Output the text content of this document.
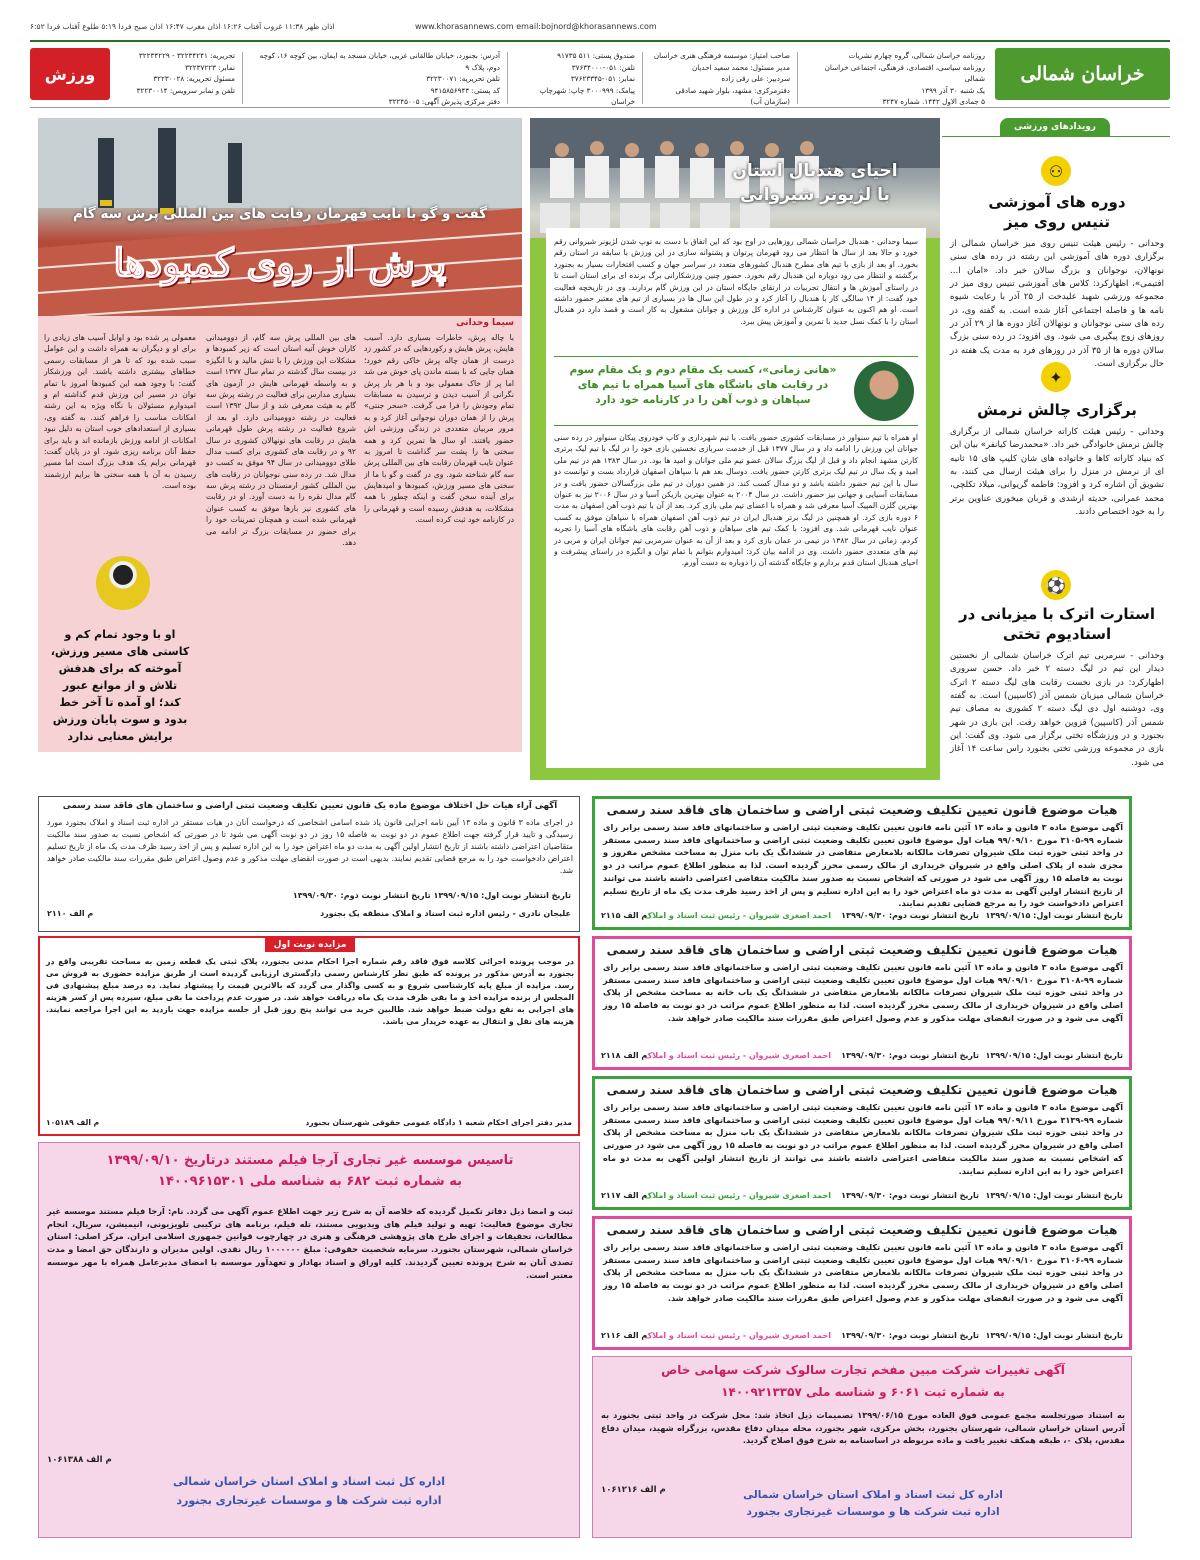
اذان ظهر ۱۱:۳۸ غروب آفتاب ۱۶:۲۶ اذان مغرب ۱۶:۴۷ اذان صبح فردا ۵:۱۹ طلوع آفتاب فردا ۶:۵۲	www.khorasannews.com email:bojnord@khorasannews.com
خراسان شمالی
ورزش
روزنامه خراسان شمالی، گروه چهارم نشریات
روزنامه سیاسی، اقتصادی، فرهنگی، اجتماعی خراسان شمالی
یک شنبه ۳۰ آذر ۱۳۹۹
۵ جمادی الاول ۱۴۴۲. شماره ۳۲۴۷
صاحب امتیاز: موسسه فرهنگی هنری خراسان
مدیر مسئول: محمد سعید احدیان
سردبیر: علی رقی زاده
دفترمرکزی: مشهد، بلوار شهید صادقی (سازمان آب)
صندوق پستی: ۵۱۱ ۹۱۷۳۵
تلفن: ۰۵۱-۳۷۶۳۴۰۰۰
نمابر: ۰۵۱-۳۷۶۲۳۳۴۵
پیامک: ۳۰۰۰۹۹۹ چاپ: شهرچاپ خراسان
آدرس: بجنورد، خیابان طالقانی غربی، خیابان مسجد به ایمان، بین کوچه ۱۶، کوچه دوم، پلاک ۹
تلفن تحریریه: ۳۲۲۳۰۰۷۱
کد پستی: ۹۴۱۵۸۵۶۹۴۴
دفتر مرکزی پذیرش آگهی: ۳۲۲۴۵۰۰۵
تحریریه: ۳۲۲۳۴۲۴۱ - ۳۲۲۳۴۲۲۹
نمابر: ۳۲۲۳۷۲۲۳
مسئول تحریریه: ۳۲۲۳۰۰۲۸
تلفن و نمابر سرویس: ۳۲۲۳۰۰۱۴
رویدادهای ورزشی
⚇
دوره های آموزشی
تنیس روی میز
وحدانی - رئیس هیئت تنیس روی میز خراسان شمالی از برگزاری دوره های آموزشی این رشته در رده های سنی نونهالان، نوجوانان و بزرگ سالان خبر داد. «امان ا... افتیمی»، اظهارکرد: کلاس های آموزشی تنیس روی میز در مجموعه ورزشی شهید علیدخت از ۲۵ آذر با رعایت شیوه نامه ها و فاصله اجتماعی آغاز شده است. به گفته وی، در رده های سنی نوجوانان و نونهالان آغاز دوره ها از ۲۹ آذر در روزهای زوج پیگیری می شود. وی افزود: در رده سنی بزرگ سالان دوره ها از ۳۵ آذر در روزهای فرد به مدت یک هفته در حال برگزاری است.
✦
برگزاری چالش نرمش
وحدانی - رئیس هیئت کاراته خراسان شمالی از برگزاری چالش نرمش خانوادگی خبر داد. «محمدرضا کیانفر» بیان این که بنیاد کاراته کاها و خانواده های شان کلیپ های ۱۵ ثانیه ای از نرمش در منزل را برای هیئت ارسال می کنند، به تشویق آن اشاره کرد و افزود: فاطمه گریوانی، میلاد تکلچی، محمد عمرانی، حدیثه ارشدی و قربان میخوری عناوین برتر را به خود اختصاص دادند.
⚽
استارت اترک با میزبانی در
استادیوم تختی
وحدانی - سرمربی تیم اترک خراسان شمالی از نخستین دیدار این تیم در لیگ دسته ۲ خبر داد. حسن سروری اظهارکرد: در بازی نخست رقابت های لیگ دسته ۲ اترک خراسان شمالی میزبان شمس آذر (کاسپین) است. به گفته وی، دوشنبه اول دی لیگ دسته ۲ کشوری به مصاف تیم شمس آذر (کاسپین) قزوین خواهد رفت. این بازی در شهر بجنورد و در ورزشگاه تختی برگزار می شود. وی گفت: این بازی در مجموعه ورزشی تختی بجنورد راس ساعت ۱۴ آغاز می شود.
احیای هندبال استان
با لژیونر شیروانی
سیما وحدانی - هندبال خراسان شمالی روزهایی در اوج بود که این اتفاق با دست به توپ شدن لژیونر شیروانی رقم خورد و حالا بعد از سال ها انتظار می رود قهرمان پرتوان و پشتوانه سازی در این ورزش با سابقه در استان رقم بخورد. او بعد از بازی با تیم های مطرح هندبال کشورهای متعدد در سراسر جهان و کسب افتخارات بسیار به بجنورد برگشته و انتظار می رود دوباره این هندبال رقم بخورد. حضور چنین ورزشکارانی برگ برنده ای برای استان است تا در راستای آموزش ها و انتقال تجربیات در ارتقای جایگاه استان در این ورزش گام بردارند. وی در تاریخچه فعالیت خود گفت: از ۱۴ سالگی کار با هندبال را آغاز کرد و در طول این سال ها در بسیاری از تیم های معتبر حضور داشته است. او هم اکنون به عنوان کارشناس در اداره کل ورزش و جوانان مشغول به کار است و قصد دارد در هندبال استان را با کمک نسل جدید با تمرین و آموزش پیش ببرد.
«هانی زمانی»، کسب یک مقام دوم و یک مقام سوم
در رقابت های باشگاه های آسیا همراه با تیم های
سپاهان و ذوب آهن را در کارنامه خود دارد
او همراه با تیم سنواور در مسابقات کشوری حضور یافت. با تیم شهرداری و کاپ خودروی پیکان سنواور در رده سنی جوانان این ورزش را ادامه داد و در سال ۱۳۷۷ قبل از خدمت سربازی نخستین بازی خود را در لیگ با تیم لیک برتری کارتن مشهد انجام داد و قبل از لیگ بزرگ سالان عضو تیم ملی جوانان و امید ها بود. در سال ۱۳۸۳ هم در تیم ملی امید و یک سال در تیم لیک برتری کارتن حضور یافت. دوسال بعد هم با سپاهان اصفهان قرارداد بست و توانست دو سال با این تیم حضور داشته باشد و دو مدال کسب کند. در همین دوران در تیم ملی بزرگسالان حضور یافت و در مسابقات آسیایی و جهانی نیز حضور داشت. در سال ۲۰۰۴ به عنوان بهترین بازیکن آسیا و در سال ۲۰۰۶ نیز به عنوان بهترین گلزن المپیک آسیا معرفی شد و همراه با اعضای تیم ملی بازی کرد. بعد از آن با تیم ذوب آهن اصفهان به مدت ۶ دوره بازی کرد. او همچنین در لیگ برتر هندبال ایران در تیم ذوب آهن اصفهان همراه با سپاهان موفق به کسب عنوان نایب قهرمانی شد. وی افزود: با کمک تیم های سپاهان و ذوب آهن رقابت های باشگاه های آسیا را تجربه کردم. زمانی در سال ۱۳۸۲ در تیمی در عمان بازی کرد و بعد از آن به عنوان سرمربی تیم جوانان ایران و مربی در تیم های متعددی حضور داشت. وی در ادامه بیان کرد: امیدوارم بتوانم با تمام توان و انگیزه در راستای پیشرفت و احیای هندبال استان قدم بردارم و جایگاه گذشته آن را دوباره به دست آورم.
گفت و گو با نایب قهرمان رقابت های بین المللی پرش سه گام
پرش از روی کمبودها
سیما وحدانی
با چاله پرش، خاطرات بسیاری دارد. آسیب هایش، پرش هایش و رکوردهایی که در کشور زد درست از همان چاله پرش خاکی رقم خورد؛ همان جایی که با بسته ماندن پای خوش می شد اما پر از خاک معمولی بود و با هر بار پرش نگرانی از آسیب دیدن و ترسیدن به مسابقات تمام وجودش را فرا می گرفت. «سحر جنتی» پرش را از همان دوران نوجوانی آغاز کرد و به مرور مربیان متعددی در زندگی ورزشی اش حضور یافتند. او سال ها تمرین کرد و همه سختی ها را پشت سر گذاشت تا امروز به عنوان نایب قهرمان رقابت های بین المللی پرش سه گام شناخته شود. وی در گفت و گو با ما از سختی های مسیر ورزش، کمبودها و امیدهایش برای آینده سخن گفت و اینکه چطور با همه مشکلات، به هدفش رسیده است و قهرمانی را در کارنامه خود ثبت کرده است.
های بین المللی پرش سه گام، از دوومیدانی کاران خوش آتیه استان است که زیر کمبودها و مشکلات این ورزش را با تنش مالید و با انگیزه در بیست سال گذشته در تمام سال ۱۳۷۷ است و به واسطه قهرمانی هایش در آزمون های بسیاری مدارس برای فعالیت در رشته پرش سه گام به هیئت معرفی شد و از سال ۱۳۹۲ است فعالیت در رشته دوومیدانی دارد. او بعد از شروع فعالیت در رشته پرش طول قهرمانی هایش در رقابت های نونهالان کشوری در سال ۹۲ و در رقابت های کشوری برای کسب مدال طلای دوومیدانی در سال ۹۴ موفق به کسب دو مدال شد. در رده سنی نوجوانان در رقابت های بین المللی کشور ارمنستان در رشته پرش سه گام مدال نقره را به دست آورد. او در رقابت های کشوری نیز بارها موفق به کسب عنوان قهرمانی شده است و همچنان تمرینات خود را برای حضور در مسابقات بزرگ تر ادامه می دهد.
معمولی پر شده بود و اوایل آسیب های زیادی را برای او و دیگران به همراه داشت و این عوامل سبب شده بود که تا هر از مسابقات رسمی خطاهای بیشتری داشته باشند. این ورزشکار گفت: با وجود همه این کمبودها امروز با تمام توان در مسیر این ورزش قدم گذاشته ام و امیدوارم مسئولان با نگاه ویژه به این رشته امکانات مناسب را فراهم کنند. به گفته وی، بسیاری از استعدادهای خوب استان به دلیل نبود امکانات از ادامه ورزش بازمانده اند و باید برای حفظ آنان برنامه ریزی شود. او در پایان گفت: قهرمانی برایم یک هدف بزرگ است اما مسیر رسیدن به آن با همه سختی ها برایم ارزشمند بوده است.
او با وجود تمام کم و
کاستی های مسیر ورزش،
آموخته که برای هدفش
تلاش و از موانع عبور
کند؛ او آمده تا آخر خط
بدود و سوت پایان ورزش
برایش معنایی ندارد
آگهی آراء هیات حل اختلاف موضوع ماده یک قانون تعیین تکلیف وضعیت ثبتی اراضی و ساختمان های فاقد سند رسمی
در اجرای ماده ۳ قانون و ماده ۱۳ آیین نامه اجرایی قانون یاد شده اسامی اشخاصی که درخواست آنان در هیات مستقر در اداره ثبت اسناد و املاک بجنورد مورد رسیدگی و تایید قرار گرفته جهت اطلاع عموم در دو نوبت به فاصله ۱۵ روز در دو نوبت آگهی می شود تا در صورتی که اشخاص نسبت به صدور سند مالکیت متقاضیان اعتراضی داشته باشند از تاریخ انتشار اولین آگهی به مدت دو ماه اعتراض خود را به این اداره تسلیم و پس از اخذ رسید ظرف مدت یک ماه از تاریخ تسلیم اعتراض دادخواست خود را به مرجع قضایی تقدیم نمایند. بدیهی است در صورت انقضای مهلت مذکور و عدم وصول اعتراض طبق مقررات سند مالکیت صادر خواهد شد.
تاریخ انتشار نوبت اول: ۱۳۹۹/۰۹/۱۵ تاریخ انتشار نوبت دوم: ۱۳۹۹/۰۹/۳۰
علیجان نادری - رئیس اداره ثبت اسناد و املاک منطقه یک بجنورد
م الف ۲۱۱۰
مزایده نوبت اول
در موجب پرونده اجرائی کلاسه فوق فاقد رقم شماره اجرا احکام مدنی بجنورد، پلاک ثبتی یک قطعه زمین به مساحت تقریبی واقع در بجنورد به آدرس مذکور در پرونده که طبق نظر کارشناس رسمی دادگستری ارزیابی گردیده است از طریق مزایده حضوری به فروش می رسد. مزایده از مبلغ پایه کارشناسی شروع و به کسی واگذار می گردد که بالاترین قیمت را پیشنهاد نماید. ده درصد مبلغ پیشنهادی فی المجلس از برنده مزایده اخذ و ما بقی ظرف مدت یک ماه دریافت خواهد شد. در صورت عدم پرداخت ما بقی مبلغ، سپرده پس از کسر هزینه های اجرایی به نفع دولت ضبط خواهد شد. طالبین خرید می توانند پنج روز قبل از جلسه مزایده جهت بازدید به این اجرا مراجعه نمایند. هزینه های نقل و انتقال به عهده خریدار می باشد.
مدیر دفتر اجرای احکام شعبه ۱ دادگاه عمومی حقوقی شهرستان بجنورد
م الف ۱۰۵۱۸۹
تاسیس موسسه غیر تجاری آرجا فیلم مستند درتاریخ ۱۳۹۹/۰۹/۱۰
به شماره ثبت ۶۸۲ به شناسه ملی ۱۴۰۰۹۶۱۵۳۰۱
ثبت و امضا ذیل دفاتر تکمیل گردیده که خلاصه آن به شرح زیر جهت اطلاع عموم آگهی می گردد. نام: آرجا فیلم مستند موسسه غیر تجاری موضوع فعالیت: تهیه و تولید فیلم های ویدیویی مستند، تله فیلم، برنامه های ترکیبی تلویزیونی، انیمیشن، سریال، انجام مطالعات، تحقیقات و اجرای طرح های پژوهشی فرهنگی و هنری در چهارچوب قوانین جمهوری اسلامی ایران. مرکز اصلی: استان خراسان شمالی، شهرستان بجنورد. سرمایه شخصیت حقوقی: مبلغ ۱۰۰۰۰۰۰ ریال نقدی. اولین مدیران و دارندگان حق امضا و مدت تصدی آنان به شرح پرونده تعیین گردیدند. کلیه اوراق و اسناد بهادار و تعهدآور موسسه با امضای مدیرعامل همراه با مهر موسسه معتبر است.
م الف ۱۰۶۱۳۸۸
اداره کل ثبت اسناد و املاک استان خراسان شمالی
اداره ثبت شرکت ها و موسسات غیرتجاری بجنورد
هیات موضوع قانون تعیین تکلیف وضعیت ثبتی اراضی و ساختمان های فاقد سند رسمی
آگهی موضوع ماده ۳ قانون و ماده ۱۳ آئین نامه قانون تعیین تکلیف وضعیت ثبتی اراضی و ساختمانهای فاقد سند رسمی برابر رای شماره ۹۹-۳۱۰۵ مورخ ۹۹/۰۹/۱۰ هیات اول موضوع قانون تعیین تکلیف وضعیت ثبتی اراضی و ساختمانهای فاقد سند رسمی مستقر در واحد ثبتی حوزه ثبت ملک شیروان تصرفات مالکانه بلامعارض متقاضی در ششدانگ یک باب منزل به مساحت مشخص مفروز و مجزی شده از پلاک اصلی واقع در شیروان خریداری از مالک رسمی محرز گردیده است. لذا به منظور اطلاع عموم مراتب در دو نوبت به فاصله ۱۵ روز آگهی می شود در صورتی که اشخاص نسبت به صدور سند مالکیت متقاضی اعتراضی داشته باشند می توانند از تاریخ انتشار اولین آگهی به مدت دو ماه اعتراض خود را به این اداره تسلیم و پس از اخذ رسید ظرف مدت یک ماه از تاریخ تسلیم اعتراض دادخواست خود را به مرجع قضایی تقدیم نمایند.
تاریخ انتشار نوبت اول: ۱۳۹۹/۰۹/۱۵
تاریخ انتشار نوبت دوم: ۱۳۹۹/۰۹/۳۰
احمد اصغری شیروان - رئیس ثبت اسناد و املاک
م الف ۲۱۱۵
هیات موضوع قانون تعیین تکلیف وضعیت ثبتی اراضی و ساختمان های فاقد سند رسمی
آگهی موضوع ماده ۳ قانون و ماده ۱۳ آئین نامه قانون تعیین تکلیف وضعیت ثبتی اراضی و ساختمانهای فاقد سند رسمی برابر رای شماره ۹۹-۳۱۰۸ مورخ ۹۹/۰۹/۱۰ هیات اول موضوع قانون تعیین تکلیف وضعیت ثبتی اراضی و ساختمانهای فاقد سند رسمی مستقر در واحد ثبتی حوزه ثبت ملک شیروان تصرفات مالکانه بلامعارض متقاضی در ششدانگ یک باب خانه به مساحت مشخص از پلاک اصلی واقع در شیروان خریداری از مالک رسمی محرز گردیده است. لذا به منظور اطلاع عموم مراتب در دو نوبت به فاصله ۱۵ روز آگهی می شود و در صورت انقضای مهلت مذکور و عدم وصول اعتراض طبق مقررات سند مالکیت صادر خواهد شد.
تاریخ انتشار نوبت اول: ۱۳۹۹/۰۹/۱۵
تاریخ انتشار نوبت دوم: ۱۳۹۹/۰۹/۳۰
احمد اصغری شیروان - رئیس ثبت اسناد و املاک
م الف ۲۱۱۸
هیات موضوع قانون تعیین تکلیف وضعیت ثبتی اراضی و ساختمان های فاقد سند رسمی
آگهی موضوع ماده ۳ قانون و ماده ۱۳ آئین نامه قانون تعیین تکلیف وضعیت ثبتی اراضی و ساختمانهای فاقد سند رسمی برابر رای شماره ۹۹-۳۱۳۹ مورخ ۹۹/۰۹/۱۱ هیات اول موضوع قانون تعیین تکلیف وضعیت ثبتی اراضی و ساختمانهای فاقد سند رسمی مستقر در واحد ثبتی حوزه ثبت ملک شیروان تصرفات مالکانه بلامعارض متقاضی در ششدانگ یک باب منزل به مساحت مشخص از پلاک اصلی واقع در شیروان محرز گردیده است. لذا به منظور اطلاع عموم مراتب در دو نوبت به فاصله ۱۵ روز آگهی می شود در صورتی که اشخاص نسبت به صدور سند مالکیت متقاضی اعتراضی داشته باشند می توانند از تاریخ انتشار اولین آگهی به مدت دو ماه اعتراض خود را به این اداره تسلیم نمایند.
تاریخ انتشار نوبت اول: ۱۳۹۹/۰۹/۱۵
تاریخ انتشار نوبت دوم: ۱۳۹۹/۰۹/۳۰
احمد اصغری شیروان - رئیس ثبت اسناد و املاک
م الف ۲۱۱۷
هیات موضوع قانون تعیین تکلیف وضعیت ثبتی اراضی و ساختمان های فاقد سند رسمی
آگهی موضوع ماده ۳ قانون و ماده ۱۳ آئین نامه قانون تعیین تکلیف وضعیت ثبتی اراضی و ساختمانهای فاقد سند رسمی برابر رای شماره ۹۹-۳۱۰۶ مورخ ۹۹/۰۹/۱۰ هیات اول موضوع قانون تعیین تکلیف وضعیت ثبتی اراضی و ساختمانهای فاقد سند رسمی مستقر در واحد ثبتی حوزه ثبت ملک شیروان تصرفات مالکانه بلامعارض متقاضی در ششدانگ یک باب منزل به مساحت مشخص از پلاک اصلی واقع در شیروان خریداری از مالک رسمی محرز گردیده است. لذا به منظور اطلاع عموم مراتب در دو نوبت به فاصله ۱۵ روز آگهی می شود و در صورت انقضای مهلت مذکور و عدم وصول اعتراض طبق مقررات سند مالکیت صادر خواهد شد.
تاریخ انتشار نوبت اول: ۱۳۹۹/۰۹/۱۵
تاریخ انتشار نوبت دوم: ۱۳۹۹/۰۹/۳۰
احمد اصغری شیروان - رئیس ثبت اسناد و املاک
م الف ۲۱۱۶
آگهی تغییرات شرکت مبین مفخم تجارت سالوک شرکت سهامی خاص
به شماره ثبت ۶۰۶۱ و شناسه ملی ۱۴۰۰۹۲۱۳۳۵۷
به استناد صورتجلسه مجمع عمومی فوق العاده مورخ ۱۳۹۹/۰۶/۱۵ تصمیمات ذیل اتخاذ شد: محل شرکت در واحد ثبتی بجنورد به آدرس استان خراسان شمالی، شهرستان بجنورد، بخش مرکزی، شهر بجنورد، محله میدان دفاع مقدس، بزرگراه شهید، میدان دفاع مقدس، پلاک ۰، طبقه همکف تغییر یافت و ماده مربوطه در اساسنامه به شرح فوق اصلاح گردید.
م الف ۱۰۶۱۲۱۶	اداره کل ثبت اسناد و املاک استان خراسان شمالی
اداره ثبت شرکت ها و موسسات غیرتجاری بجنورد
